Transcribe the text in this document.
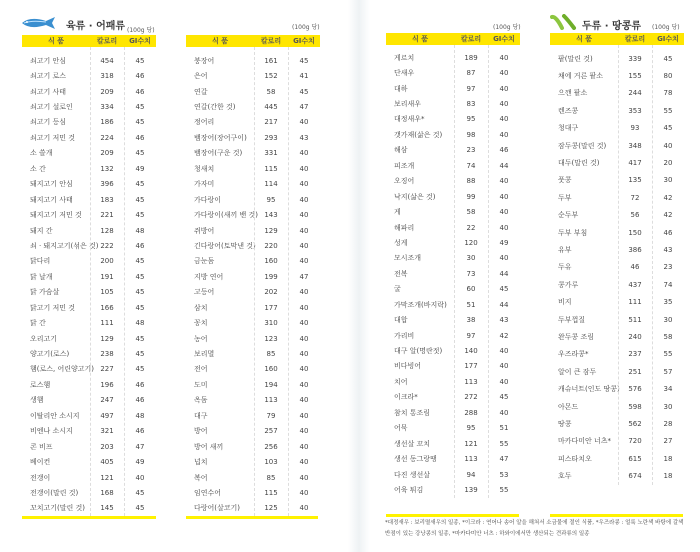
육류 · 어패류 (100g 당)	(100g 당)	(100g 당)	두류 · 땅콩류 (100g 당)
식 품	칼로리	GI수치
쇠고기 안심	454	45
쇠고기 로스	318	46
쇠고기 사태	209	46
쇠고기 설로인	334	45
쇠고기 등심	186	45
쇠고기 저민 것	224	46
소 쓸개	209	45
소 간	132	49
돼지고기 안심	396	45
돼지고기 사태	183	45
돼지고기 저민 것	221	45
돼지 간	128	48
쇠 · 돼지고기(섞은 것) 222	46
닭다리	200	45
닭 날개	191	45
닭 가슴살	105	45
닭고기 저민 것	166	45
닭 간	111	48
오리고기	129	45
양고기(로스)	238	45
햄(로스, 어린양고기) 227	45
로스햄	196	46
생햄	247	46
이탈리안 소시지	497	48
비엔나 소시지	321	46
콘 비프	203	47
베이컨	405	49
전갱이	121	40
전갱이(말린 것)	168	45
꼬치고기(말린 것)	145	45
식 품	칼로리	GI수치
붕장어	161	45
은어	152	41
연갈	58	45
연갈(간한 것)	445	47
정어리	217	40
뱀장어(장어구이)	293	43
뱀장어(구운 것)	331	40
청새치	115	40
가자미	114	40
가다랑이	95	40
가다랑이(새끼 밴 것) 143	40
쥐방어	129	40
긴다랑어(토막낸 것)	220	40
금눈돔	160	40
지방 연어	199	47
고등어	202	40
삼치	177	40
꽁치	310	40
농어	123	40
보리멸	85	40
전어	160	40
도미	194	40
옥돔	113	40
대구	79	40
방어	257	40
방어 새끼	256	40
넙치	103	40
복어	85	40
임연수어	115	40
다랑어(살코기)	125	40
식 품	칼로리	GI수치
게르치	189	40
단새우	87	40
대하	97	40
보리새우	83	40
대정새우*	95	40
갯가재(삶은 것)	98	40
해삼	23	46
피조개	74	44
오징어	88	40
낙지(삶은 것)	99	40
게	58	40
해파리	22	40
성게	120	49
모시조개	30	40
전복	73	44
굴	60	45
가막조개(바지락)	51	44
대합	38	43
가리비	97	42
대구 알(명란젓)	140	40
비다빙어	177	40
치어	113	40
이크라*	272	45
참치 통조림	288	40
어묵	95	51
생선살 꼬치	121	55
생선 동그랑땡	113	47
다진 생선살	94	53
어육 튀김	139	55
식 품	칼로리	GI수치
팥(말린 것)	339	45
채에 거른 팥소	155	80
으깬 팥소	244	78
렌즈콩	353	55
청대구	93	45
잠두콩(말린 것)	348	40
대두(말린 것)	417	20
풋콩	135	30
두부	72	42
순두부	56	42
두부 부침	150	46
유부	386	43
두유	46	23
콩가루	437	74
비지	111	35
두부껍질	511	30
완두콩 조림	240	58
우즈라콩*	237	55
알이 큰 잠두	251	57
캐슈너트(인도 땅콩)	576	34
아몬드	598	30
땅콩	562	28
마카다미안 너츠*	720	27
피스타치오	615	18
호두	674	18
*대정새우 : 보리멸새우의 일종, *이크라 : 연어나 송어 알을 해쳐서 소금물에 절인 식품, *우즈라콩 : 얼룩 노란색 바탕에 갈색 반점이 있는 강낭콩의 일종, *마카다미안 너츠 : 하와이에서만 생산되는 견과류의 일종
